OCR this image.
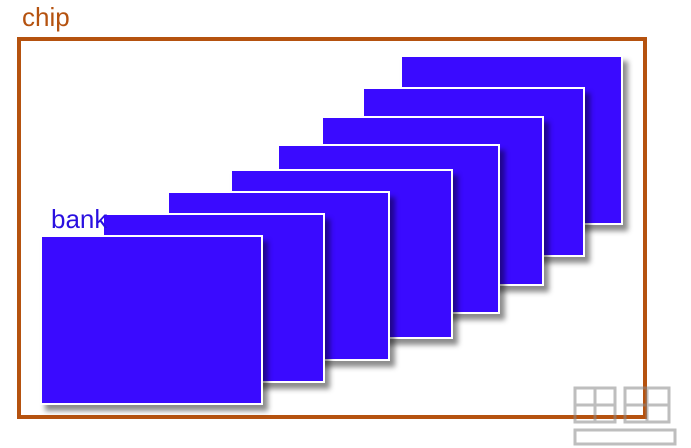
chip
bank
